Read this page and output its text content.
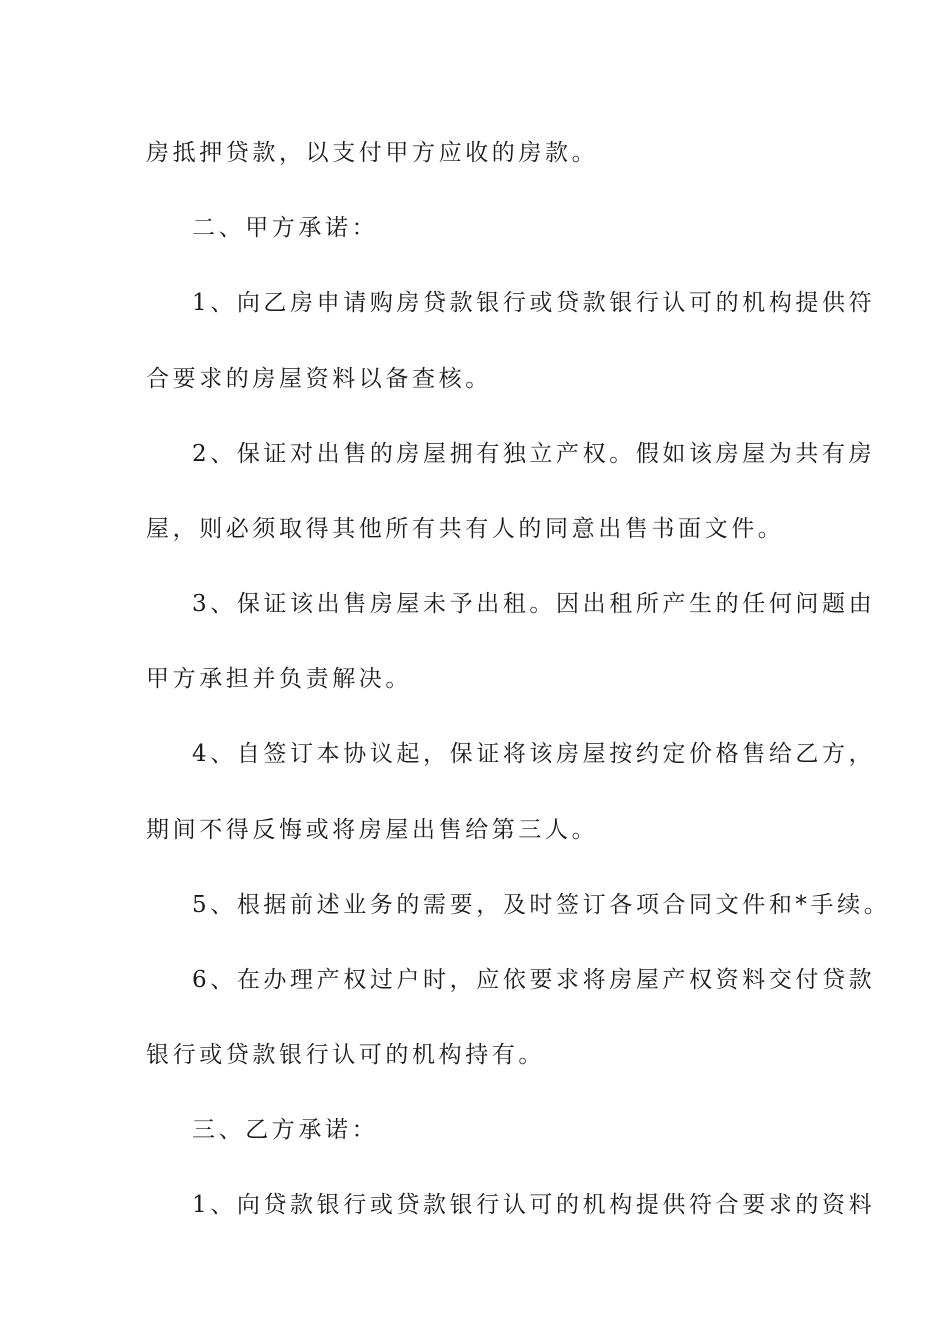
房抵押贷款，以支付甲方应收的房款。
二、甲方承诺：
1、向乙房申请购房贷款银行或贷款银行认可的机构提供符
合要求的房屋资料以备查核。
2、保证对出售的房屋拥有独立产权。假如该房屋为共有房
屋，则必须取得其他所有共有人的同意出售书面文件。
3、保证该出售房屋未予出租。因出租所产生的任何问题由
甲方承担并负责解决。
4、自签订本协议起，保证将该房屋按约定价格售给乙方，
期间不得反悔或将房屋出售给第三人。
5、根据前述业务的需要，及时签订各项合同文件和*手续。
6、在办理产权过户时，应依要求将房屋产权资料交付贷款
银行或贷款银行认可的机构持有。
三、乙方承诺：
1、向贷款银行或贷款银行认可的机构提供符合要求的资料
